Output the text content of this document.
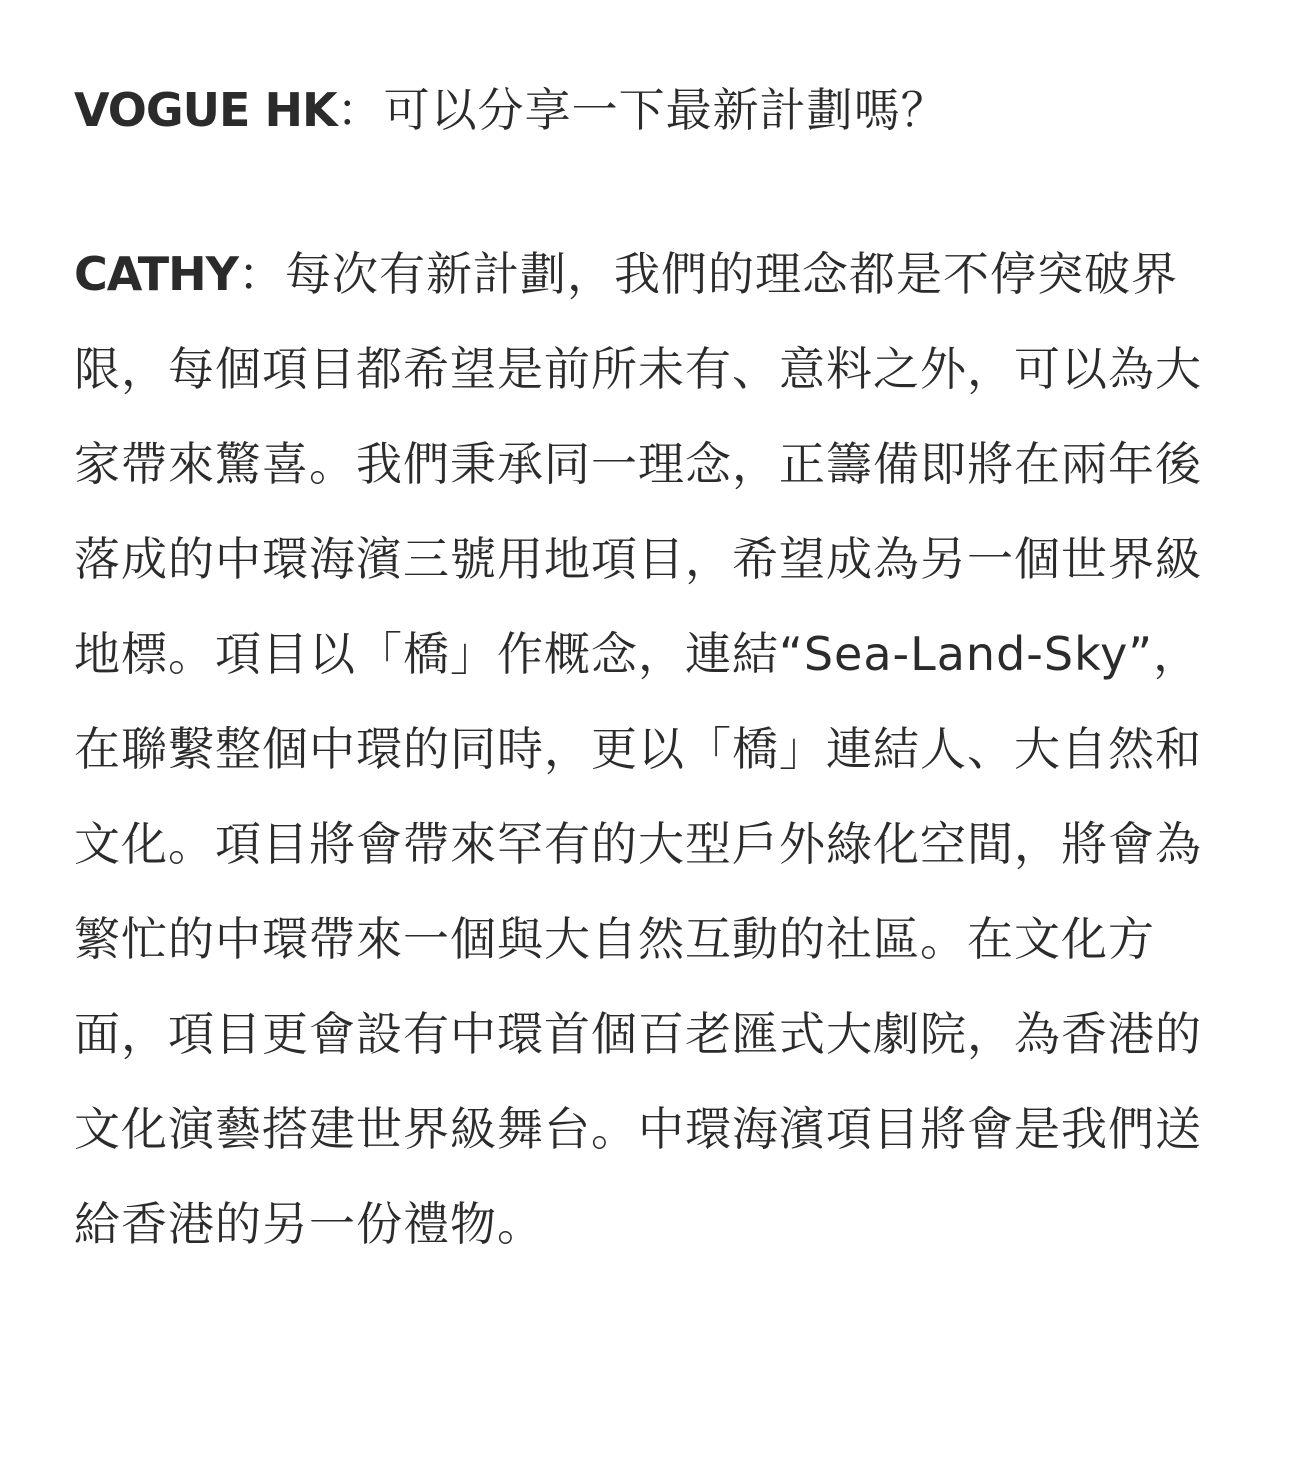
VOGUE HK：可以分享一下最新計劃嗎？

CATHY：每次有新計劃，我們的理念都是不停突破界限，每個項目都希望是前所未有、意料之外，可以為大家帶來驚喜。我們秉承同一理念，正籌備即將在兩年後落成的中環海濱三號用地項目，希望成為另一個世界級地標。項目以「橋」作概念，連結“Sea-Land-Sky”，在聯繫整個中環的同時，更以「橋」連結人、大自然和文化。項目將會帶來罕有的大型戶外綠化空間，將會為繁忙的中環帶來一個與大自然互動的社區。在文化方面，項目更會設有中環首個百老匯式大劇院，為香港的文化演藝搭建世界級舞台。中環海濱項目將會是我們送給香港的另一份禮物。
